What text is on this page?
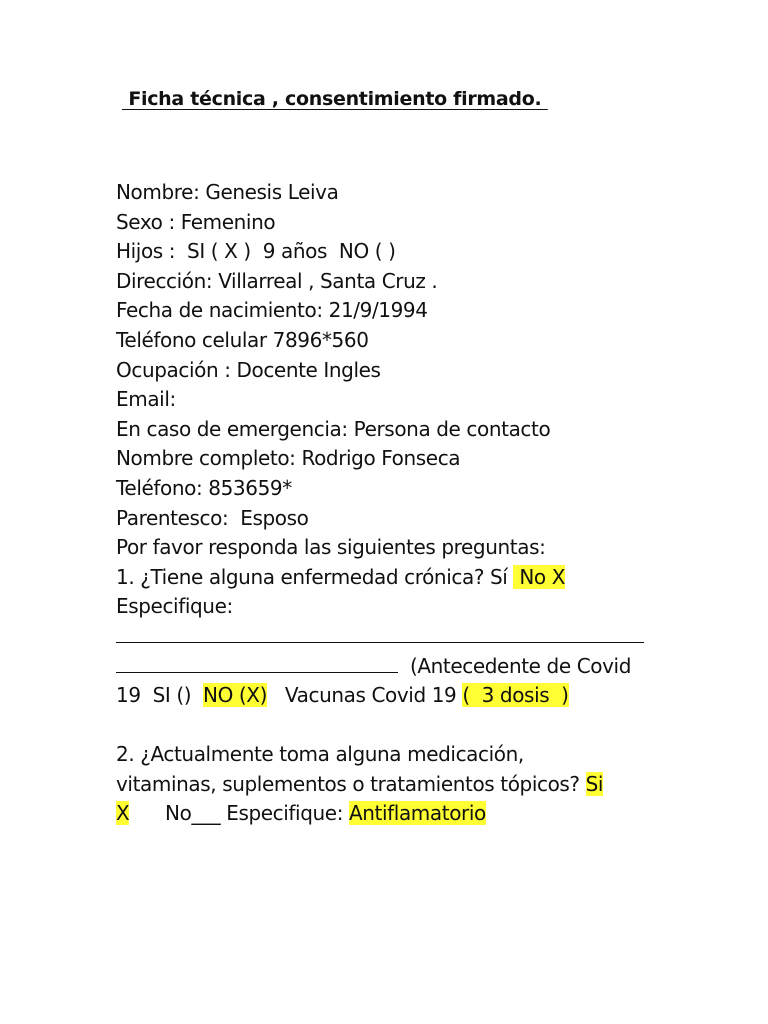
Ficha técnica , consentimiento firmado.
Nombre: Genesis Leiva
Sexo : Femenino
Hijos :  SI ( X )  9 años  NO ( )
Dirección: Villarreal , Santa Cruz .
Fecha de nacimiento: 21/9/1994
Teléfono celular 7896*560
Ocupación : Docente Ingles
Email:
En caso de emergencia: Persona de contacto
Nombre completo: Rodrigo Fonseca
Teléfono: 853659*
Parentesco:  Esposo
Por favor responda las siguientes preguntas:
1. ¿Tiene alguna enfermedad crónica? Sí  No X
Especifique:
(Antecedente de Covid
19  SI ()  NO (X)   Vacunas Covid 19 (  3 dosis  )
2. ¿Actualmente toma alguna medicación,
vitaminas, suplementos o tratamientos tópicos? Si
X      No___ Especifique: Antiflamatorio
